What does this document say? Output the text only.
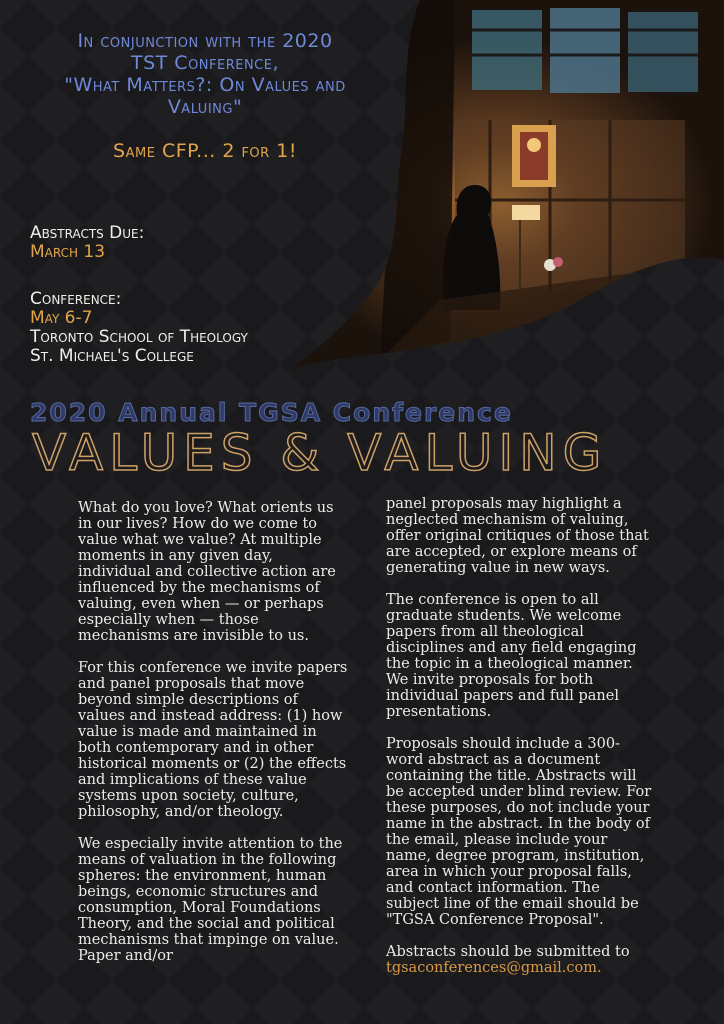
In conjunction with the 2020
TST Conference,
"What Matters?: On Values and
Valuing"
Same CFP... 2 for 1!
Abstracts Due:
March 13
Conference:
May 6-7
Toronto School of Theology
St. Michael's College
2020 Annual TGSA Conference
VALUES & VALUING

What do you love? What orients us in our lives? How do we come to value what we value? At multiple moments in any given day, individual and collective action are influenced by the mechanisms of valuing, even when — or perhaps especially when — those mechanisms are invisible to us.

For this conference we invite papers and panel proposals that move beyond simple descriptions of values and instead address: (1) how value is made and maintained in both contemporary and in other historical moments or (2) the effects and implications of these value systems upon society, culture, philosophy, and/or theology.

We especially invite attention to the means of valuation in the following spheres: the environment, human beings, economic structures and consumption, Moral Foundations Theory, and the social and political mechanisms that impinge on value. Paper and/or

panel proposals may highlight a neglected mechanism of valuing, offer original critiques of those that are accepted, or explore means of generating value in new ways.

The conference is open to all graduate students. We welcome papers from all theological disciplines and any field engaging the topic in a theological manner. We invite proposals for both individual papers and full panel presentations.

Proposals should include a 300-word abstract as a document containing the title. Abstracts will be accepted under blind review. For these purposes, do not include your name in the abstract. In the body of the email, please include your name, degree program, institution, area in which your proposal falls, and contact information. The subject line of the email should be "TGSA Conference Proposal".

Abstracts should be submitted to
tgsaconferences@gmail.com.
